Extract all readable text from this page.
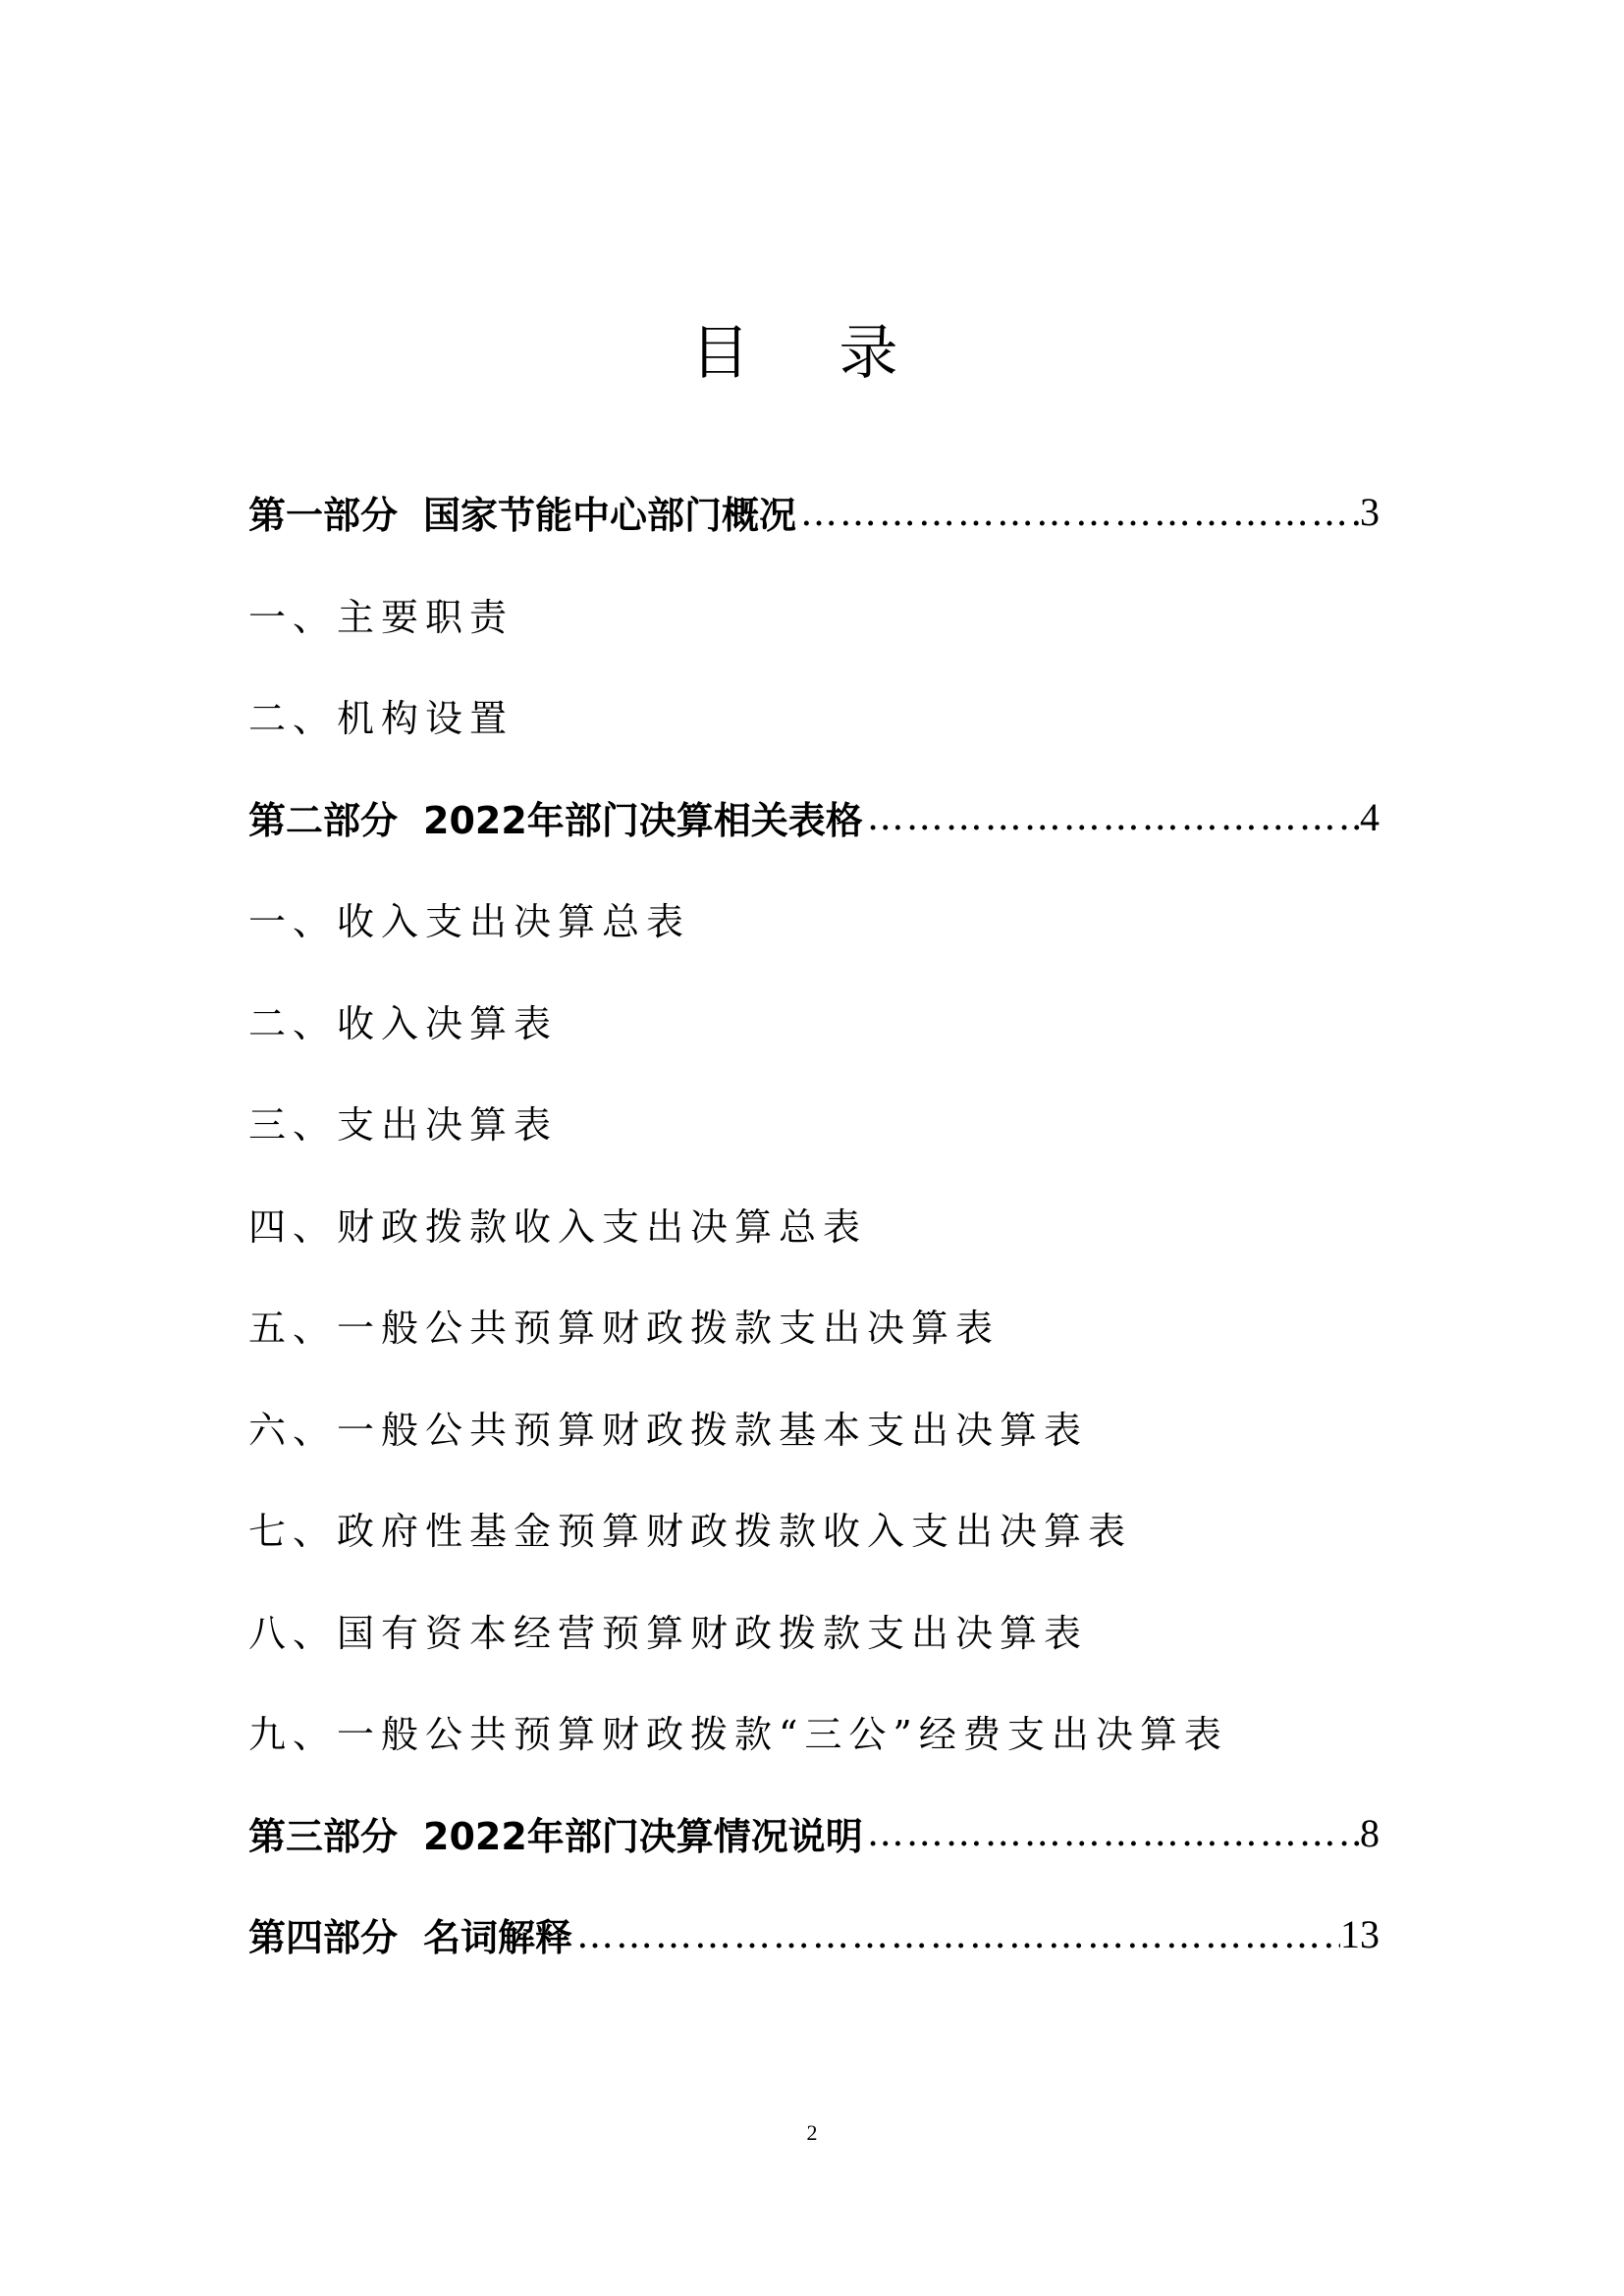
目 录
第一部分 国家节能中心部门概况 ……………………………………………………………………………………………………	3
一、主要职责
二、机构设置
第二部分 2022年部门决算相关表格 ……………………………………………………………………………………………………	4
一、收入支出决算总表
二、收入决算表
三、支出决算表
四、财政拨款收入支出决算总表
五、一般公共预算财政拨款支出决算表
六、一般公共预算财政拨款基本支出决算表
七、政府性基金预算财政拨款收入支出决算表
八、国有资本经营预算财政拨款支出决算表
九、一般公共预算财政拨款“三公”经费支出决算表
第三部分 2022年部门决算情况说明 ……………………………………………………………………………………………………	8
第四部分 名词解释 ……………………………………………………………………………………………………	13
2
